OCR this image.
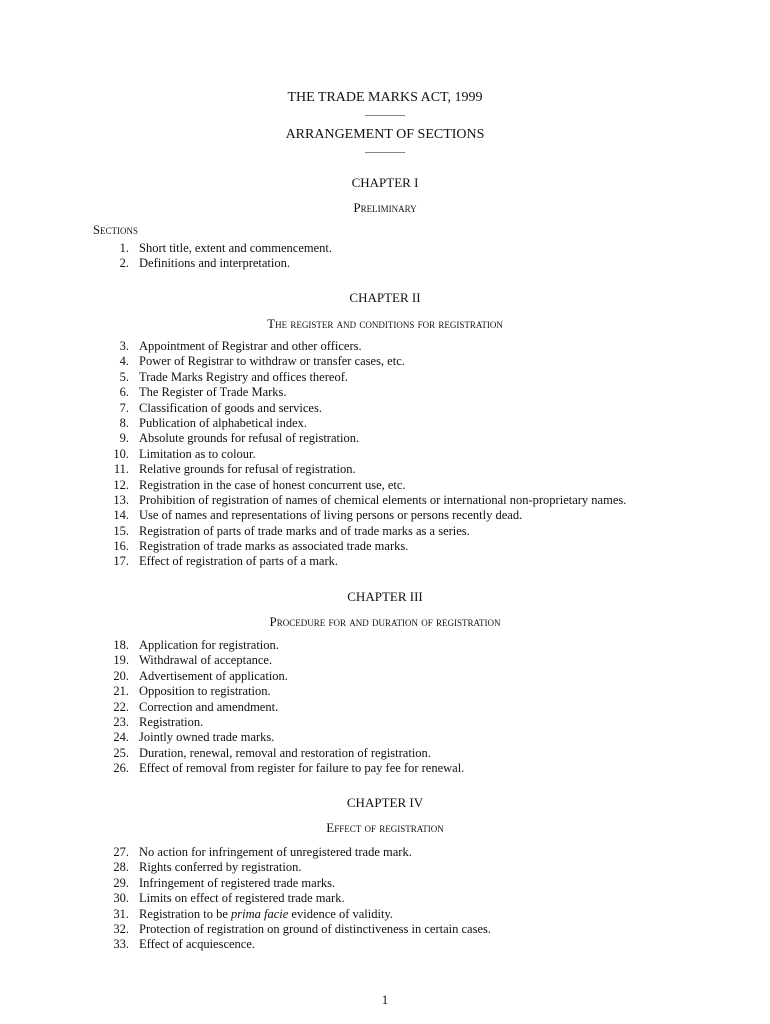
THE TRADE MARKS ACT, 1999
————
ARRANGEMENT OF SECTIONS
————
CHAPTER I
Preliminary
Sections
1. Short title, extent and commencement.
2. Definitions and interpretation.
CHAPTER II
The register and conditions for registration
3. Appointment of Registrar and other officers.
4. Power of Registrar to withdraw or transfer cases, etc.
5. Trade Marks Registry and offices thereof.
6. The Register of Trade Marks.
7. Classification of goods and services.
8. Publication of alphabetical index.
9. Absolute grounds for refusal of registration.
10. Limitation as to colour.
11. Relative grounds for refusal of registration.
12. Registration in the case of honest concurrent use, etc.
13. Prohibition of registration of names of chemical elements or international non-proprietary names.
14. Use of names and representations of living persons or persons recently dead.
15. Registration of parts of trade marks and of trade marks as a series.
16. Registration of trade marks as associated trade marks.
17. Effect of registration of parts of a mark.
CHAPTER III
Procedure for and duration of registration
18. Application for registration.
19. Withdrawal of acceptance.
20. Advertisement of application.
21. Opposition to registration.
22. Correction and amendment.
23. Registration.
24. Jointly owned trade marks.
25. Duration, renewal, removal and restoration of registration.
26. Effect of removal from register for failure to pay fee for renewal.
CHAPTER IV
Effect of registration
27. No action for infringement of unregistered trade mark.
28. Rights conferred by registration.
29. Infringement of registered trade marks.
30. Limits on effect of registered trade mark.
31. Registration to be prima facie evidence of validity.
32. Protection of registration on ground of distinctiveness in certain cases.
33. Effect of acquiescence.
1
